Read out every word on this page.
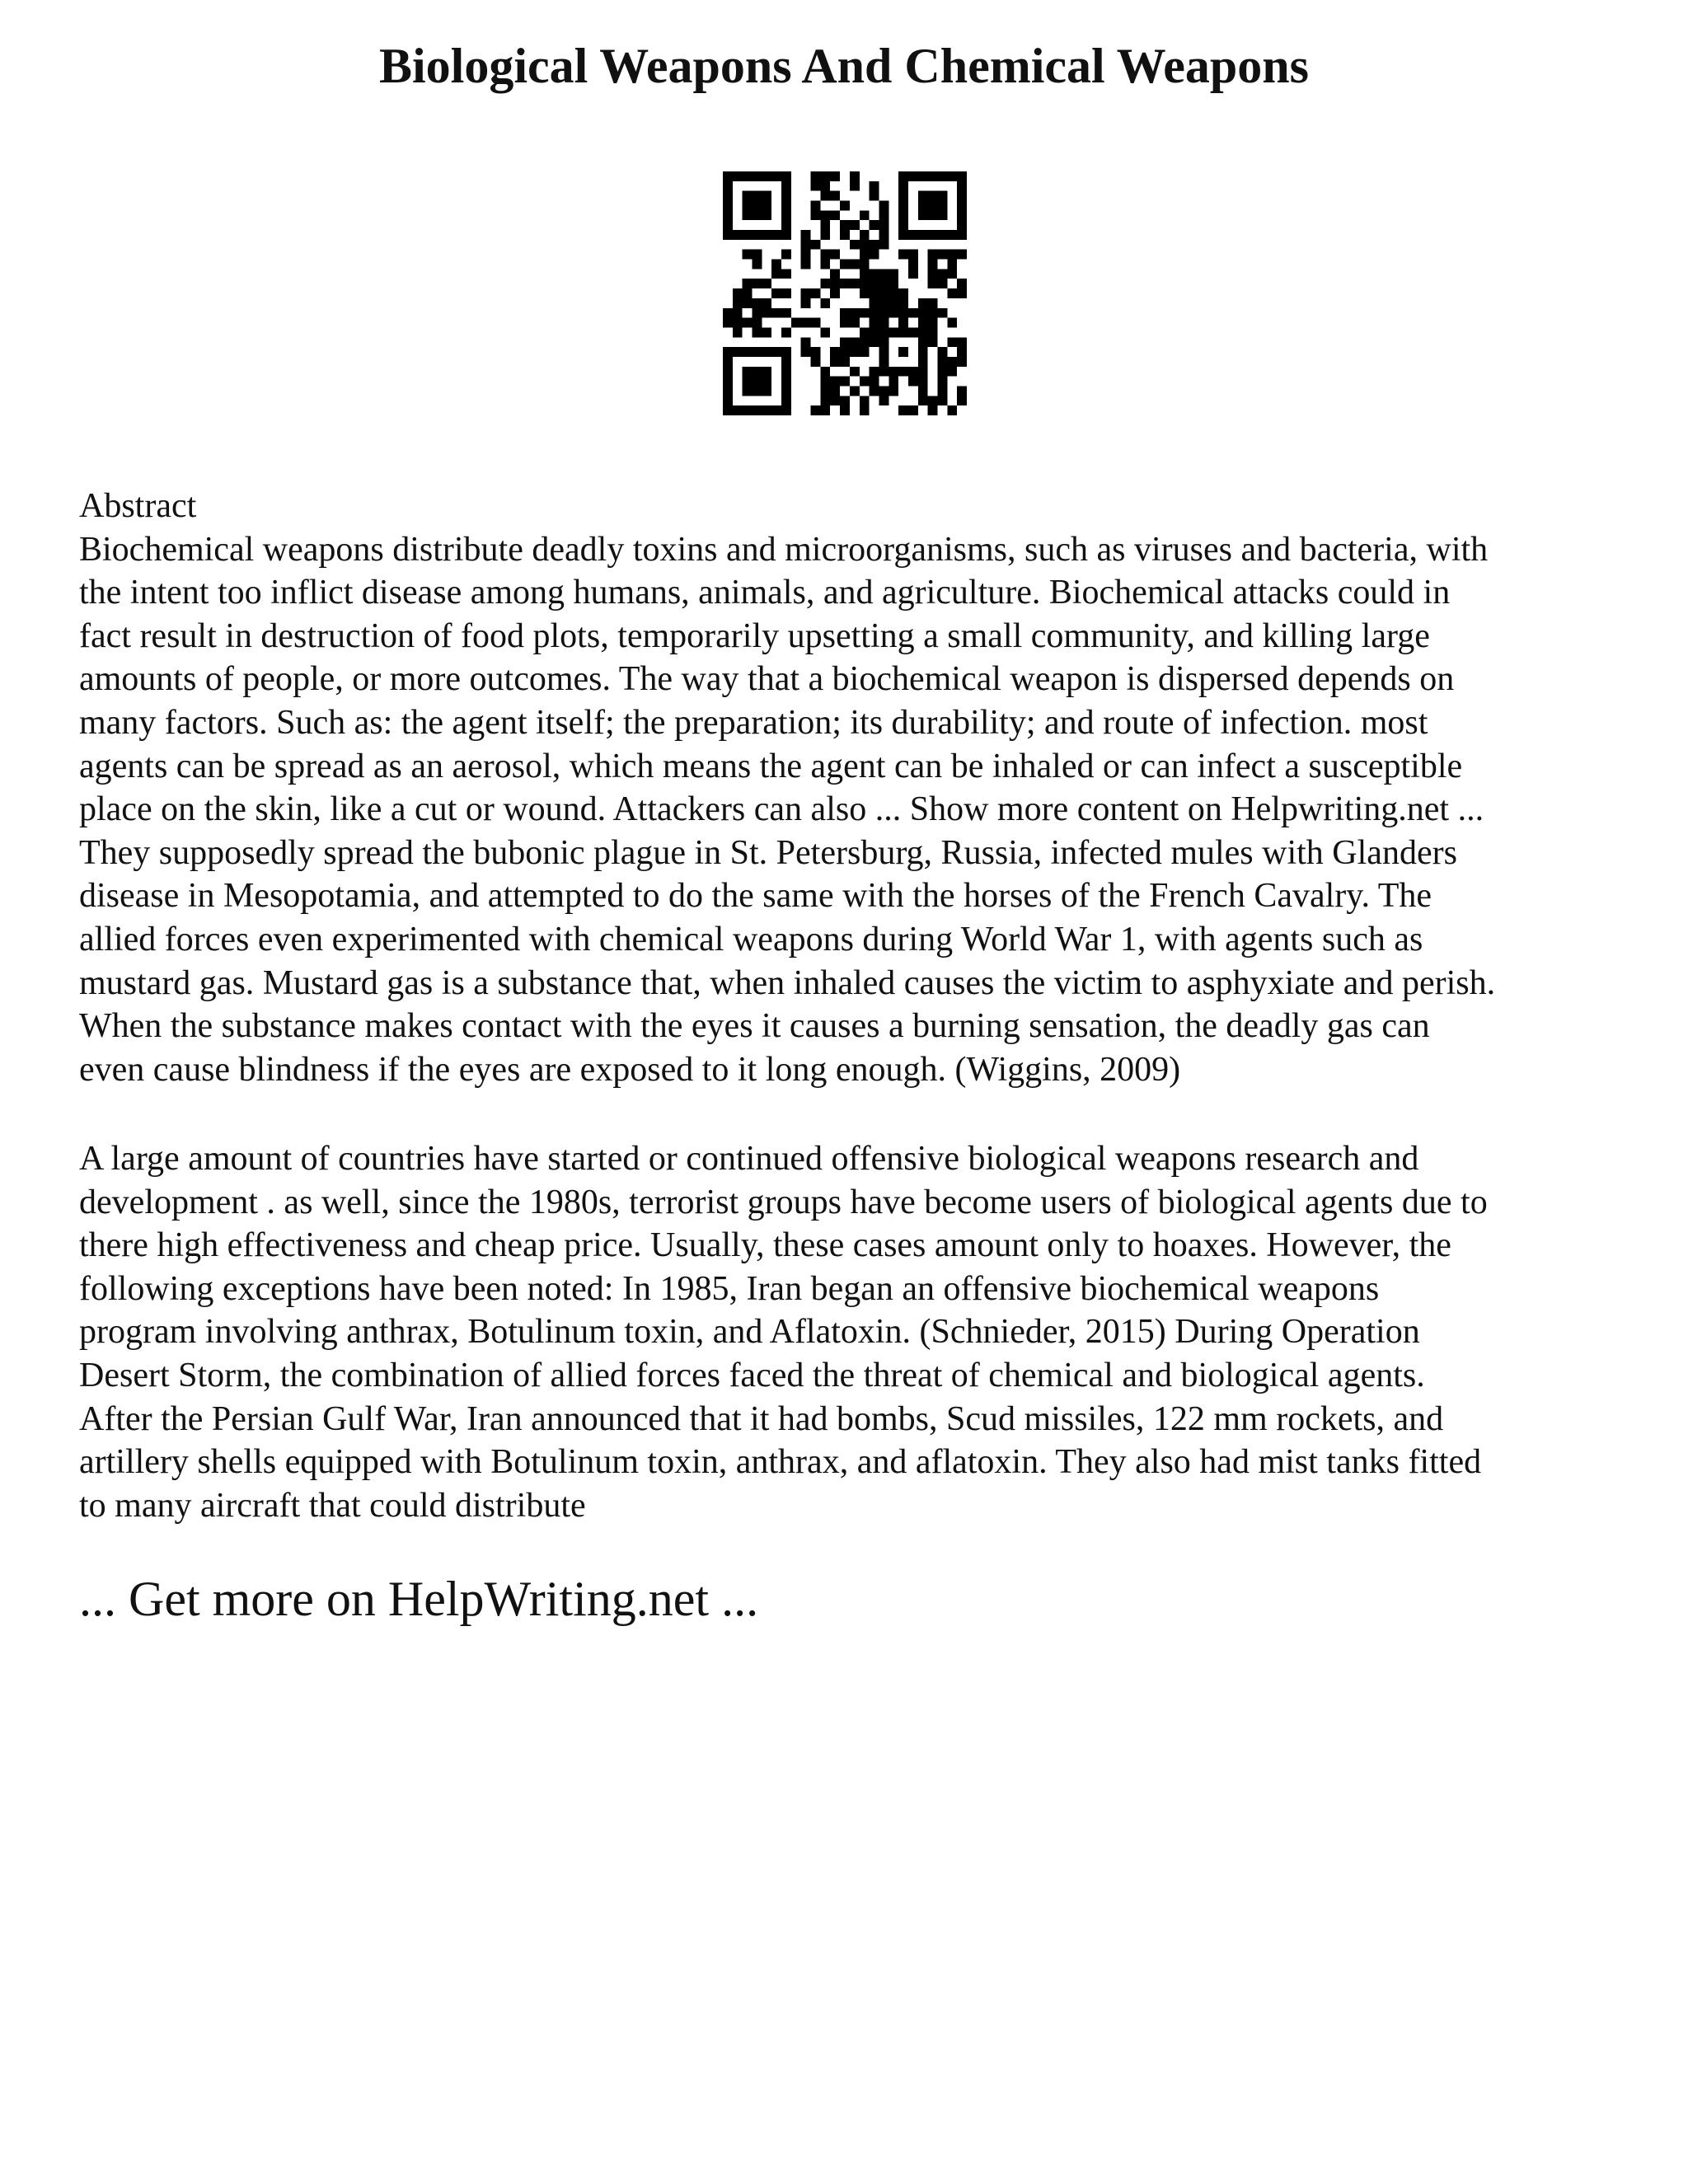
Biological Weapons And Chemical Weapons
Abstract
Biochemical weapons distribute deadly toxins and microorganisms, such as viruses and bacteria, with
the intent too inflict disease among humans, animals, and agriculture. Biochemical attacks could in
fact result in destruction of food plots, temporarily upsetting a small community, and killing large
amounts of people, or more outcomes. The way that a biochemical weapon is dispersed depends on
many factors. Such as: the agent itself; the preparation; its durability; and route of infection. most
agents can be spread as an aerosol, which means the agent can be inhaled or can infect a susceptible
place on the skin, like a cut or wound. Attackers can also ... Show more content on Helpwriting.net ...
They supposedly spread the bubonic plague in St. Petersburg, Russia, infected mules with Glanders
disease in Mesopotamia, and attempted to do the same with the horses of the French Cavalry. The
allied forces even experimented with chemical weapons during World War 1, with agents such as
mustard gas. Mustard gas is a substance that, when inhaled causes the victim to asphyxiate and perish.
When the substance makes contact with the eyes it causes a burning sensation, the deadly gas can
even cause blindness if the eyes are exposed to it long enough. (Wiggins, 2009)
A large amount of countries have started or continued offensive biological weapons research and
development . as well, since the 1980s, terrorist groups have become users of biological agents due to
there high effectiveness and cheap price. Usually, these cases amount only to hoaxes. However, the
following exceptions have been noted: In 1985, Iran began an offensive biochemical weapons
program involving anthrax, Botulinum toxin, and Aflatoxin. (Schnieder, 2015) During Operation
Desert Storm, the combination of allied forces faced the threat of chemical and biological agents.
After the Persian Gulf War, Iran announced that it had bombs, Scud missiles, 122 mm rockets, and
artillery shells equipped with Botulinum toxin, anthrax, and aflatoxin. They also had mist tanks fitted
to many aircraft that could distribute
... Get more on HelpWriting.net ...
